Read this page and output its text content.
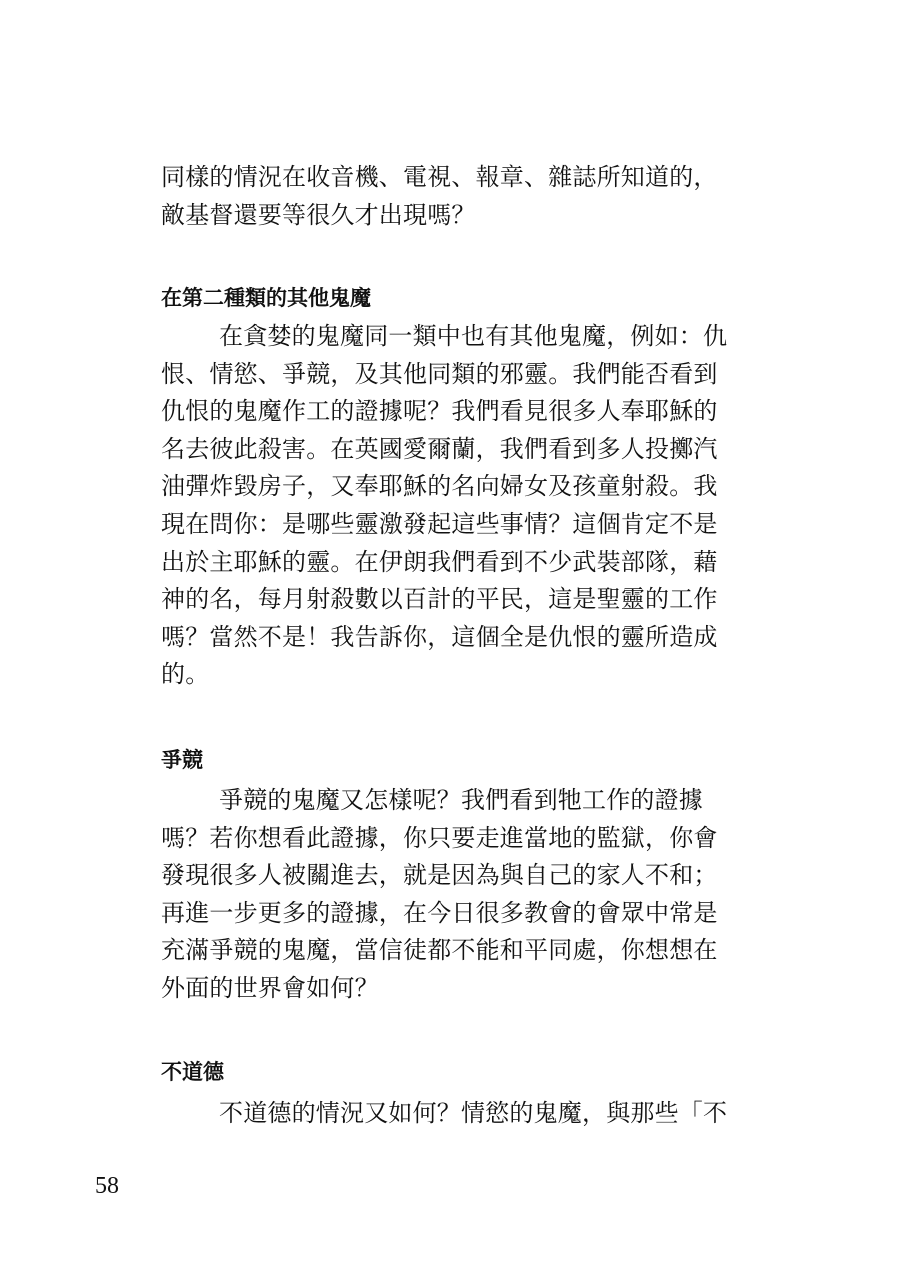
同樣的情況在收音機、電視、報章、雜誌所知道的，
敵基督還要等很久才出現嗎？
在第二種類的其他鬼魔
在貪婪的鬼魔同一類中也有其他鬼魔，例如：仇
恨、情慾、爭競，及其他同類的邪靈。我們能否看到
仇恨的鬼魔作工的證據呢？我們看見很多人奉耶穌的
名去彼此殺害。在英國愛爾蘭，我們看到多人投擲汽
油彈炸毀房子，又奉耶穌的名向婦女及孩童射殺。我
現在問你：是哪些靈激發起這些事情？這個肯定不是
出於主耶穌的靈。在伊朗我們看到不少武裝部隊，藉
神的名，每月射殺數以百計的平民，這是聖靈的工作
嗎？當然不是！我告訴你，這個全是仇恨的靈所造成
的。
爭競
爭競的鬼魔又怎樣呢？我們看到牠工作的證據
嗎？若你想看此證據，你只要走進當地的監獄，你會
發現很多人被關進去，就是因為與自己的家人不和；
再進一步更多的證據，在今日很多教會的會眾中常是
充滿爭競的鬼魔，當信徒都不能和平同處，你想想在
外面的世界會如何？
不道德
不道德的情況又如何？情慾的鬼魔，與那些「不
58
